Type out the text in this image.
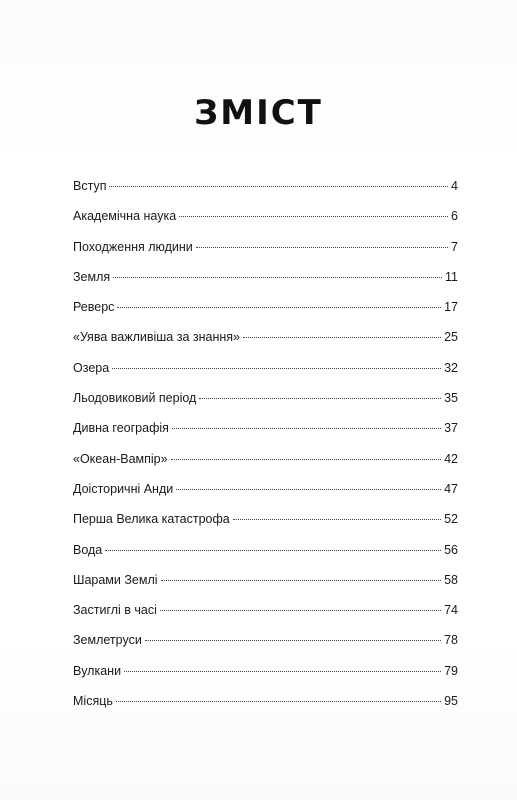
ЗМІСТ
Вступ	4
Академічна наука	6
Походження людини	7
Земля	11
Реверс	17
«Уява важливіша за знання»	25
Озера	32
Льодовиковий період	35
Дивна географія	37
«Океан-Вампір»	42
Доісторичні Анди	47
Перша Велика катастрофа	52
Вода	56
Шарами Землі	58
Застиглі в часі	74
Землетруси	78
Вулкани	79
Місяць	95
